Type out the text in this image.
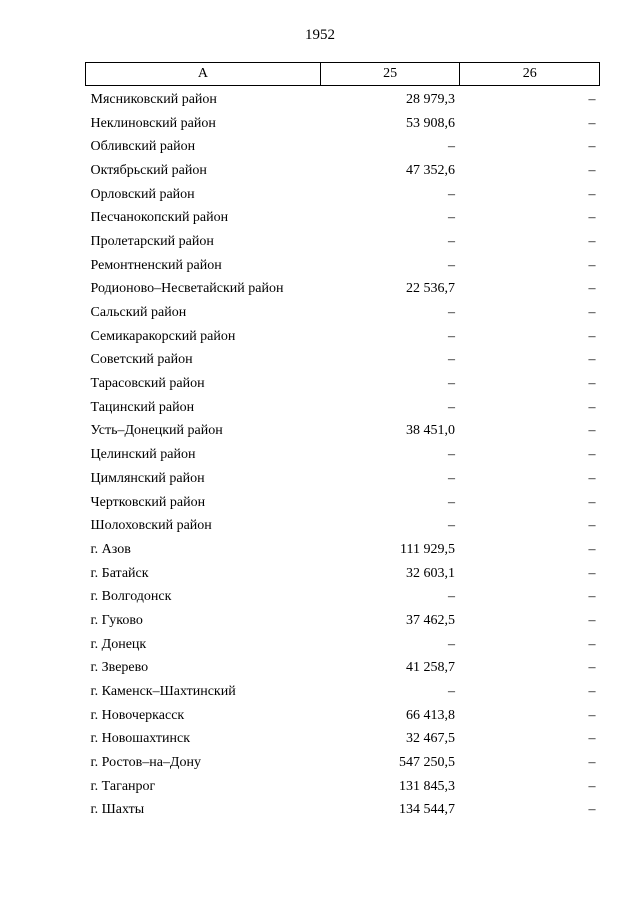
1952
А	25	26
Мясниковский район	28 979,3	–
Неклиновский район	53 908,6	–
Обливский район	–	–
Октябрьский район	47 352,6	–
Орловский район	–	–
Песчанокопский район	–	–
Пролетарский район	–	–
Ремонтненский район	–	–
Родионово–Несветайский район	22 536,7	–
Сальский район	–	–
Семикаракорский район	–	–
Советский район	–	–
Тарасовский район	–	–
Тацинский район	–	–
Усть–Донецкий район	38 451,0	–
Целинский район	–	–
Цимлянский район	–	–
Чертковский район	–	–
Шолоховский район	–	–
г. Азов	111 929,5	–
г. Батайск	32 603,1	–
г. Волгодонск	–	–
г. Гуково	37 462,5	–
г. Донецк	–	–
г. Зверево	41 258,7	–
г. Каменск–Шахтинский	–	–
г. Новочеркасск	66 413,8	–
г. Новошахтинск	32 467,5	–
г. Ростов–на–Дону	547 250,5	–
г. Таганрог	131 845,3	–
г. Шахты	134 544,7	–
